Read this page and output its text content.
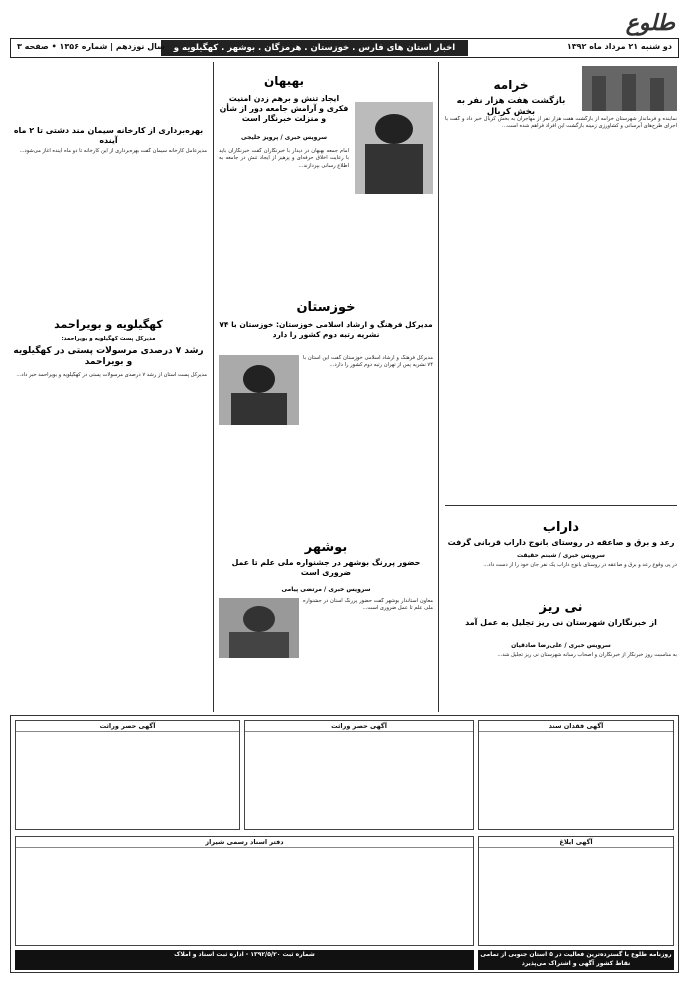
طلوع
دو شنبه ۲۱ مرداد ماه ۱۳۹۲
اخبار استان های فارس . خوزستان . هرمزگان . بوشهر . کهگیلویه و بویراحمد
سال نوزدهم | شماره ۱۳۵۶ • صفحه ۳
خرامه
بازگشت هفت هزار نفر به بخش کربال
نماینده و فرماندار شهرستان خرامه از بازگشت هفت هزار نفر از مهاجران به بخش کربال خبر داد و گفت با اجرای طرح‌های آبرسانی و کشاورزی زمینه بازگشت این افراد فراهم شده است...
داراب
رعد و برق و صاعقه در روستای بانوج داراب قربانی گرفت
سرویس خبری / شبنم حقیقت
در پی وقوع رعد و برق و صاعقه در روستای بانوج داراب یک نفر جان خود را از دست داد...
نی ریز
از خبرنگاران شهرستان نی ریز تجلیل به عمل آمد
سرویس خبری / علی‌رضا صادقیان
به مناسبت روز خبرنگار از خبرنگاران و اصحاب رسانه شهرستان نی ریز تجلیل شد...
بهبهان
ایجاد تنش و برهم زدن امنیت فکری و آرامش جامعه دور از شأن و منزلت خبرنگار است
سرویس خبری / پرویز خلیجی
امام جمعه بهبهان در دیدار با خبرنگاران گفت خبرنگاران باید با رعایت اخلاق حرفه‌ای و پرهیز از ایجاد تنش در جامعه به اطلاع رسانی بپردازند...
خوزستان
مدیرکل فرهنگ و ارشاد اسلامی خوزستان: خوزستان با ۷۴ نشریه رتبه دوم کشور را دارد
مدیرکل فرهنگ و ارشاد اسلامی خوزستان گفت این استان با ۷۴ نشریه پس از تهران رتبه دوم کشور را دارد...
بوشهر
حضور پررنگ بوشهر در جشنواره ملی علم تا عمل ضروری است
سرویس خبری / مرتضی پیامی
معاون استاندار بوشهر گفت حضور پررنگ استان در جشنواره ملی علم تا عمل ضروری است...
بهره‌برداری از کارخانه سیمان مند دشتی تا ۲ ماه آینده
مدیرعامل کارخانه سیمان گفت بهره‌برداری از این کارخانه تا دو ماه آینده آغاز می‌شود...
کهگیلویه و بویراحمد
مدیرکل پست کهگیلویه و بویراحمد:
رشد ۷ درصدی مرسولات پستی در کهگیلویه و بویراحمد
مدیرکل پست استان از رشد ۷ درصدی مرسولات پستی در کهگیلویه و بویراحمد خبر داد...
آگهی فقدان سند
آگهی حصر وراثت
آگهی حصر وراثت
آگهی ابلاغ
دفتر اسناد رسمی شیراز
روزنامه طلوع با گسترده‌ترین فعالیت در ۵ استان جنوبی از تمامی نقاط کشور آگهی و اشتراک می‌پذیرد
شماره ثبت ۱۳۹۲/۵/۲۰ - اداره ثبت اسناد و املاک
